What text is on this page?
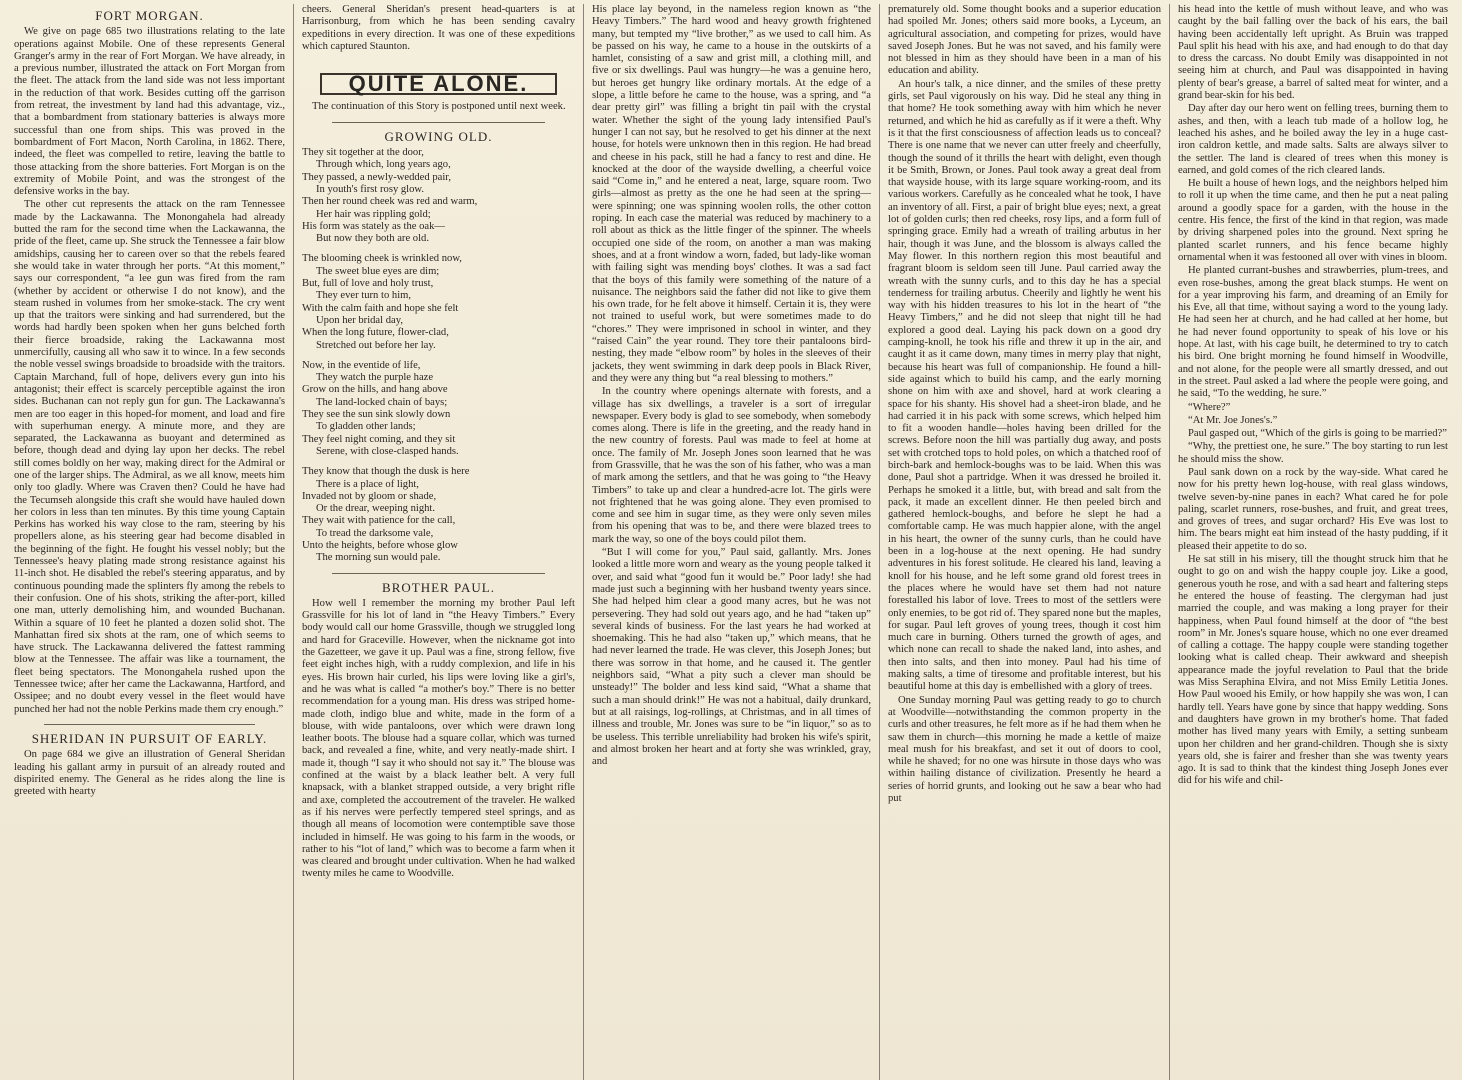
FORT MORGAN.

We give on page 685 two illustrations relating to the late operations against Mobile. One of these represents General Granger's army in the rear of Fort Morgan. We have already, in a previous number, illustrated the attack on Fort Morgan from the fleet. The attack from the land side was not less important in the reduction of that work. Besides cutting off the garrison from retreat, the investment by land had this advantage, viz., that a bombardment from stationary batteries is always more successful than one from ships. This was proved in the bombardment of Fort Macon, North Carolina, in 1862. There, indeed, the fleet was compelled to retire, leaving the battle to those attacking from the shore batteries. Fort Morgan is on the extremity of Mobile Point, and was the strongest of the defensive works in the bay.

The other cut represents the attack on the ram Tennessee made by the Lackawanna. The Monongahela had already butted the ram for the second time when the Lackawanna, the pride of the fleet, came up. She struck the Tennessee a fair blow amidships, causing her to careen over so that the rebels feared she would take in water through her ports. “At this moment,” says our correspondent, “a lee gun was fired from the ram (whether by accident or otherwise I do not know), and the steam rushed in volumes from her smoke-stack. The cry went up that the traitors were sinking and had surrendered, but the words had hardly been spoken when her guns belched forth their fierce broadside, raking the Lackawanna most unmercifully, causing all who saw it to wince. In a few seconds the noble vessel swings broadside to broadside with the traitors. Captain Marchand, full of hope, delivers every gun into his antagonist; their effect is scarcely perceptible against the iron sides. Buchanan can not reply gun for gun. The Lackawanna's men are too eager in this hoped-for moment, and load and fire with superhuman energy. A minute more, and they are separated, the Lackawanna as buoyant and determined as before, though dead and dying lay upon her decks. The rebel still comes boldly on her way, making direct for the Admiral or one of the larger ships. The Admiral, as we all know, meets him only too gladly. Where was Craven then? Could he have had the Tecumseh alongside this craft she would have hauled down her colors in less than ten minutes. By this time young Captain Perkins has worked his way close to the ram, steering by his propellers alone, as his steering gear had become disabled in the beginning of the fight. He fought his vessel nobly; but the Tennessee's heavy plating made strong resistance against his 11-inch shot. He disabled the rebel's steering apparatus, and by continuous pounding made the splinters fly among the rebels to their confusion. One of his shots, striking the after-port, killed one man, utterly demolishing him, and wounded Buchanan. Within a square of 10 feet he planted a dozen solid shot. The Manhattan fired six shots at the ram, one of which seems to have struck. The Lackawanna delivered the fattest ramming blow at the Tennessee. The affair was like a tournament, the fleet being spectators. The Monongahela rushed upon the Tennessee twice; after her came the Lackawanna, Hartford, and Ossipee; and no doubt every vessel in the fleet would have punched her had not the noble Perkins made them cry enough.”

SHERIDAN IN PURSUIT OF EARLY.

On page 684 we give an illustration of General Sheridan leading his gallant army in pursuit of an already routed and dispirited enemy. The General as he rides along the line is greeted with hearty

cheers. General Sheridan's present head-quarters is at Harrisonburg, from which he has been sending cavalry expeditions in every direction. It was one of these expeditions which captured Staunton.

QUITE ALONE.

The continuation of this Story is postponed until next week.

GROWING OLD.
They sit together at the door,
Through which, long years ago,
They passed, a newly-wedded pair,
In youth's first rosy glow.
Then her round cheek was red and warm,
Her hair was rippling gold;
His form was stately as the oak—
But now they both are old.
The blooming cheek is wrinkled now,
The sweet blue eyes are dim;
But, full of love and holy trust,
They ever turn to him,
With the calm faith and hope she felt
Upon her bridal day,
When the long future, flower-clad,
Stretched out before her lay.
Now, in the eventide of life,
They watch the purple haze
Grow on the hills, and hang above
The land-locked chain of bays;
They see the sun sink slowly down
To gladden other lands;
They feel night coming, and they sit
Serene, with close-clasped hands.
They know that though the dusk is here
There is a place of light,
Invaded not by gloom or shade,
Or the drear, weeping night.
They wait with patience for the call,
To tread the darksome vale,
Unto the heights, before whose glow
The morning sun would pale.
BROTHER PAUL.

How well I remember the morning my brother Paul left Grassville for his lot of land in “the Heavy Timbers.” Every body would call our home Grassville, though we struggled long and hard for Graceville. However, when the nickname got into the Gazetteer, we gave it up. Paul was a fine, strong fellow, five feet eight inches high, with a ruddy complexion, and life in his eyes. His brown hair curled, his lips were loving like a girl's, and he was what is called “a mother's boy.” There is no better recommendation for a young man. His dress was striped home-made cloth, indigo blue and white, made in the form of a blouse, with wide pantaloons, over which were drawn long leather boots. The blouse had a square collar, which was turned back, and revealed a fine, white, and very neatly-made shirt. I made it, though “I say it who should not say it.” The blouse was confined at the waist by a black leather belt. A very full knapsack, with a blanket strapped outside, a very bright rifle and axe, completed the accoutrement of the traveler. He walked as if his nerves were perfectly tempered steel springs, and as though all means of locomotion were contemptible save those included in himself. He was going to his farm in the woods, or rather to his “lot of land,” which was to become a farm when it was cleared and brought under cultivation. When he had walked twenty miles he came to Woodville.

His place lay beyond, in the nameless region known as “the Heavy Timbers.” The hard wood and heavy growth frightened many, but tempted my “live brother,” as we used to call him. As be passed on his way, he came to a house in the outskirts of a hamlet, consisting of a saw and grist mill, a clothing mill, and five or six dwellings. Paul was hungry—he was a genuine hero, but heroes get hungry like ordinary mortals. At the edge of a slope, a little before he came to the house, was a spring, and “a dear pretty girl” was filling a bright tin pail with the crystal water. Whether the sight of the young lady intensified Paul's hunger I can not say, but he resolved to get his dinner at the next house, for hotels were unknown then in this region. He had bread and cheese in his pack, still he had a fancy to rest and dine. He knocked at the door of the wayside dwelling, a cheerful voice said “Come in,” and he entered a neat, large, square room. Two girls—almost as pretty as the one he had seen at the spring—were spinning; one was spinning woolen rolls, the other cotton roping. In each case the material was reduced by machinery to a roll about as thick as the little finger of the spinner. The wheels occupied one side of the room, on another a man was making shoes, and at a front window a worn, faded, but lady-like woman with failing sight was mending boys' clothes. It was a sad fact that the boys of this family were something of the nature of a nuisance. The neighbors said the father did not like to give them his own trade, for he felt above it himself. Certain it is, they were not trained to useful work, but were sometimes made to do “chores.” They were imprisoned in school in winter, and they “raised Cain” the year round. They tore their pantaloons bird-nesting, they made “elbow room” by holes in the sleeves of their jackets, they went swimming in dark deep pools in Black River, and they were any thing but “a real blessing to mothers.”

In the country where openings alternate with forests, and a village has six dwellings, a traveler is a sort of irregular newspaper. Every body is glad to see somebody, when somebody comes along. There is life in the greeting, and the ready hand in the new country of forests. Paul was made to feel at home at once. The family of Mr. Joseph Jones soon learned that he was from Grassville, that he was the son of his father, who was a man of mark among the settlers, and that he was going to “the Heavy Timbers” to take up and clear a hundred-acre lot. The girls were not frightened that he was going alone. They even promised to come and see him in sugar time, as they were only seven miles from his opening that was to be, and there were blazed trees to mark the way, so one of the boys could pilot them.

“But I will come for you,” Paul said, gallantly. Mrs. Jones looked a little more worn and weary as the young people talked it over, and said what “good fun it would be.” Poor lady! she had made just such a beginning with her husband twenty years since. She had helped him clear a good many acres, but he was not persevering. They had sold out years ago, and he had “taken up” several kinds of business. For the last years he had worked at shoemaking. This he had also “taken up,” which means, that he had never learned the trade. He was clever, this Joseph Jones; but there was sorrow in that home, and he caused it. The gentler neighbors said, “What a pity such a clever man should be unsteady!” The bolder and less kind said, “What a shame that such a man should drink!” He was not a habitual, daily drunkard, but at all raisings, log-rollings, at Christmas, and in all times of illness and trouble, Mr. Jones was sure to be “in liquor,” so as to be useless. This terrible unreliability had broken his wife's spirit, and almost broken her heart and at forty she was wrinkled, gray, and

prematurely old. Some thought books and a superior education had spoiled Mr. Jones; others said more books, a Lyceum, an agricultural association, and competing for prizes, would have saved Joseph Jones. But he was not saved, and his family were not blessed in him as they should have been in a man of his education and ability.

An hour's talk, a nice dinner, and the smiles of these pretty girls, set Paul vigorously on his way. Did he steal any thing in that home? He took something away with him which he never returned, and which he hid as carefully as if it were a theft. Why is it that the first consciousness of affection leads us to conceal? There is one name that we never can utter freely and cheerfully, though the sound of it thrills the heart with delight, even though it be Smith, Brown, or Jones. Paul took away a great deal from that wayside house, with its large square working-room, and its various workers. Carefully as he concealed what he took, I have an inventory of all. First, a pair of bright blue eyes; next, a great lot of golden curls; then red cheeks, rosy lips, and a form full of springing grace. Emily had a wreath of trailing arbutus in her hair, though it was June, and the blossom is always called the May flower. In this northern region this most beautiful and fragrant bloom is seldom seen till June. Paul carried away the wreath with the sunny curls, and to this day he has a special tenderness for trailing arbutus. Cheerily and lightly he went his way with his hidden treasures to his lot in the heart of “the Heavy Timbers,” and he did not sleep that night till he had explored a good deal. Laying his pack down on a good dry camping-knoll, he took his rifle and threw it up in the air, and caught it as it came down, many times in merry play that night, because his heart was full of companionship. He found a hill-side against which to build his camp, and the early morning shone on him with axe and shovel, hard at work clearing a space for his shanty. His shovel had a sheet-iron blade, and he had carried it in his pack with some screws, which helped him to fit a wooden handle—holes having been drilled for the screws. Before noon the hill was partially dug away, and posts set with crotched tops to hold poles, on which a thatched roof of birch-bark and hemlock-boughs was to be laid. When this was done, Paul shot a partridge. When it was dressed he broiled it. Perhaps he smoked it a little, but, with bread and salt from the pack, it made an excellent dinner. He then peeled birch and gathered hemlock-boughs, and before he slept he had a comfortable camp. He was much happier alone, with the angel in his heart, the owner of the sunny curls, than he could have been in a log-house at the next opening. He had sundry adventures in his forest solitude. He cleared his land, leaving a knoll for his house, and he left some grand old forest trees in the places where he would have set them had not nature forestalled his labor of love. Trees to most of the settlers were only enemies, to be got rid of. They spared none but the maples, for sugar. Paul left groves of young trees, though it cost him much care in burning. Others turned the growth of ages, and which none can recall to shade the naked land, into ashes, and then into salts, and then into money. Paul had his time of making salts, a time of tiresome and profitable interest, but his beautiful home at this day is embellished with a glory of trees.

One Sunday morning Paul was getting ready to go to church at Woodville—notwithstanding the common property in the curls and other treasures, he felt more as if he had them when he saw them in church—this morning he made a kettle of maize meal mush for his breakfast, and set it out of doors to cool, while he shaved; for no one was hirsute in those days who was within hailing distance of civilization. Presently he heard a series of horrid grunts, and looking out he saw a bear who had put

his head into the kettle of mush without leave, and who was caught by the bail falling over the back of his ears, the bail having been accidentally left upright. As Bruin was trapped Paul split his head with his axe, and had enough to do that day to dress the carcass. No doubt Emily was disappointed in not seeing him at church, and Paul was disappointed in having plenty of bear's grease, a barrel of salted meat for winter, and a grand bear-skin for his bed.

Day after day our hero went on felling trees, burning them to ashes, and then, with a leach tub made of a hollow log, he leached his ashes, and he boiled away the ley in a huge cast-iron caldron kettle, and made salts. Salts are always silver to the settler. The land is cleared of trees when this money is earned, and gold comes of the rich cleared lands.

He built a house of hewn logs, and the neighbors helped him to roll it up when the time came, and then he put a neat paling around a goodly space for a garden, with the house in the centre. His fence, the first of the kind in that region, was made by driving sharpened poles into the ground. Next spring he planted scarlet runners, and his fence became highly ornamental when it was festooned all over with vines in bloom.

He planted currant-bushes and strawberries, plum-trees, and even rose-bushes, among the great black stumps. He went on for a year improving his farm, and dreaming of an Emily for his Eve, all that time, without saying a word to the young lady. He had seen her at church, and he had called at her home, but he had never found opportunity to speak of his love or his hope. At last, with his cage built, he determined to try to catch his bird. One bright morning he found himself in Woodville, and not alone, for the people were all smartly dressed, and out in the street. Paul asked a lad where the people were going, and he said, “To the wedding, he sure.”

“Where?”

“At Mr. Joe Jones's.”

Paul gasped out, “Which of the girls is going to be married?”

“Why, the prettiest one, he sure.” The boy starting to run lest he should miss the show.

Paul sank down on a rock by the way-side. What cared he now for his pretty hewn log-house, with real glass windows, twelve seven-by-nine panes in each? What cared he for pole paling, scarlet runners, rose-bushes, and fruit, and great trees, and groves of trees, and sugar orchard? His Eve was lost to him. The bears might eat him instead of the hasty pudding, if it pleased their appetite to do so.

He sat still in his misery, till the thought struck him that he ought to go on and wish the happy couple joy. Like a good, generous youth he rose, and with a sad heart and faltering steps he entered the house of feasting. The clergyman had just married the couple, and was making a long prayer for their happiness, when Paul found himself at the door of “the best room” in Mr. Jones's square house, which no one ever dreamed of calling a cottage. The happy couple were standing together looking what is called cheap. Their awkward and sheepish appearance made the joyful revelation to Paul that the bride was Miss Seraphina Elvira, and not Miss Emily Letitia Jones. How Paul wooed his Emily, or how happily she was won, I can hardly tell. Years have gone by since that happy wedding. Sons and daughters have grown in my brother's home. That faded mother has lived many years with Emily, a setting sunbeam upon her children and her grand-children. Though she is sixty years old, she is fairer and fresher than she was twenty years ago. It is sad to think that the kindest thing Joseph Jones ever did for his wife and chil-
